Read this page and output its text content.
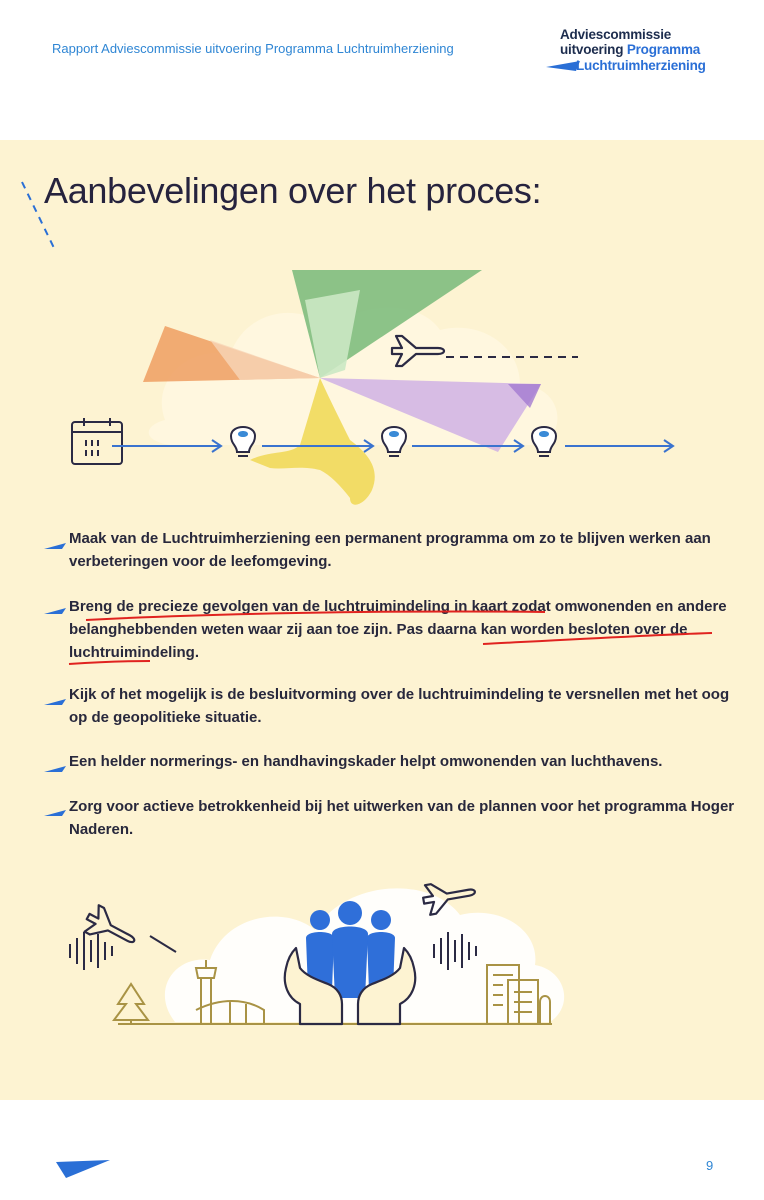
Rapport Adviescommissie uitvoering Programma Luchtruimherziening
Adviescommissie
uitvoering Programma
Luchtruimherziening
Aanbevelingen over het proces:
Maak van de Luchtruimherziening een permanent programma om zo te blijven werken aan verbeteringen voor de leefomgeving.
Breng de precieze gevolgen van de luchtruimindeling in kaart zodat omwonenden en andere belanghebbenden weten waar zij aan toe zijn. Pas daarna kan worden besloten over de luchtruimindeling.
Kijk of het mogelijk is de besluitvorming over de luchtruimindeling te versnellen met het oog op de geopolitieke situatie.
Een helder normerings- en handhavingskader helpt omwonenden van luchthavens.
Zorg voor actieve betrokkenheid bij het uitwerken van de plannen voor het programma Hoger Naderen.
9
